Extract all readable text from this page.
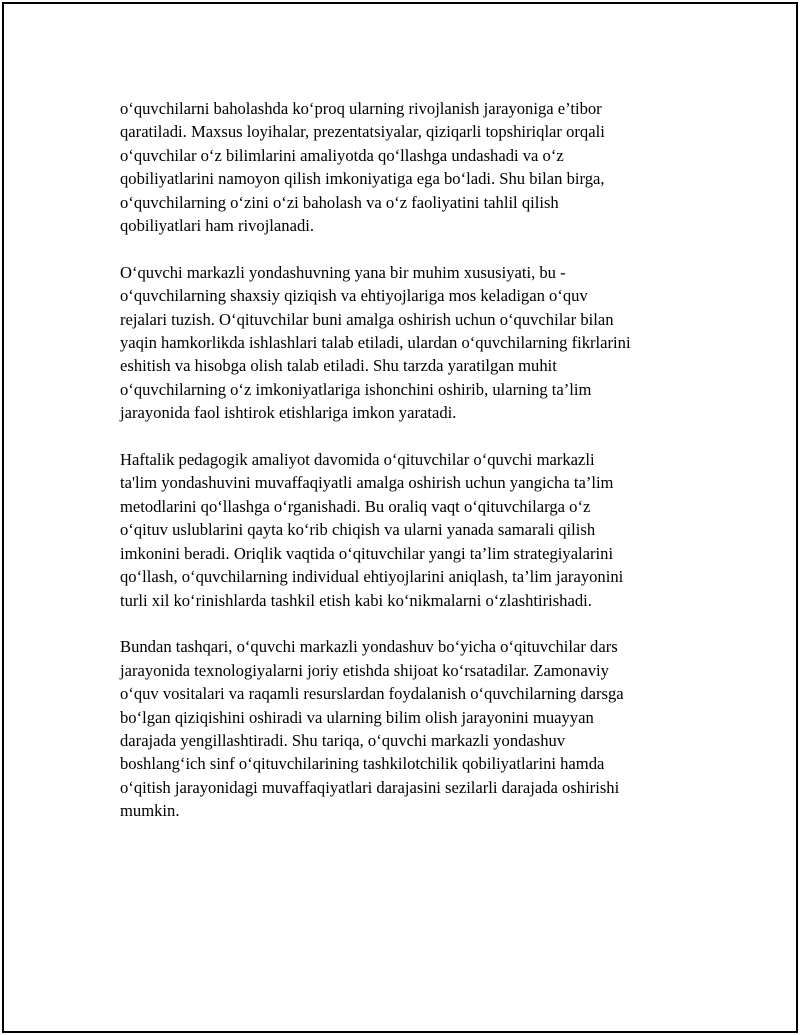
o‘quvchilarni baholashda ko‘proq ularning rivojlanish jarayoniga e’tibor
qaratiladi. Maxsus loyihalar, prezentatsiyalar, qiziqarli topshiriqlar orqali
o‘quvchilar o‘z bilimlarini amaliyotda qo‘llashga undashadi va o‘z
qobiliyatlarini namoyon qilish imkoniyatiga ega bo‘ladi. Shu bilan birga,
o‘quvchilarning o‘zini o‘zi baholash va o‘z faoliyatini tahlil qilish
qobiliyatlari ham rivojlanadi.

O‘quvchi markazli yondashuvning yana bir muhim xususiyati, bu -
o‘quvchilarning shaxsiy qiziqish va ehtiyojlariga mos keladigan o‘quv
rejalari tuzish. O‘qituvchilar buni amalga oshirish uchun o‘quvchilar bilan
yaqin hamkorlikda ishlashlari talab etiladi, ulardan o‘quvchilarning fikrlarini
eshitish va hisobga olish talab etiladi. Shu tarzda yaratilgan muhit
o‘quvchilarning o‘z imkoniyatlariga ishonchini oshirib, ularning ta’lim
jarayonida faol ishtirok etishlariga imkon yaratadi.

Haftalik pedagogik amaliyot davomida o‘qituvchilar o‘quvchi markazli
ta'lim yondashuvini muvaffaqiyatli amalga oshirish uchun yangicha ta’lim
metodlarini qo‘llashga o‘rganishadi. Bu oraliq vaqt o‘qituvchilarga o‘z
o‘qituv uslublarini qayta ko‘rib chiqish va ularni yanada samarali qilish
imkonini beradi. Oriqlik vaqtida o‘qituvchilar yangi ta’lim strategiyalarini
qo‘llash, o‘quvchilarning individual ehtiyojlarini aniqlash, ta’lim jarayonini
turli xil ko‘rinishlarda tashkil etish kabi ko‘nikmalarni o‘zlashtirishadi.

Bundan tashqari, o‘quvchi markazli yondashuv bo‘yicha o‘qituvchilar dars
jarayonida texnologiyalarni joriy etishda shijoat ko‘rsatadilar. Zamonaviy
o‘quv vositalari va raqamli resurslardan foydalanish o‘quvchilarning darsga
bo‘lgan qiziqishini oshiradi va ularning bilim olish jarayonini muayyan
darajada yengillashtiradi. Shu tariqa, o‘quvchi markazli yondashuv
boshlang‘ich sinf o‘qituvchilarining tashkilotchilik qobiliyatlarini hamda
o‘qitish jarayonidagi muvaffaqiyatlari darajasini sezilarli darajada oshirishi
mumkin.
